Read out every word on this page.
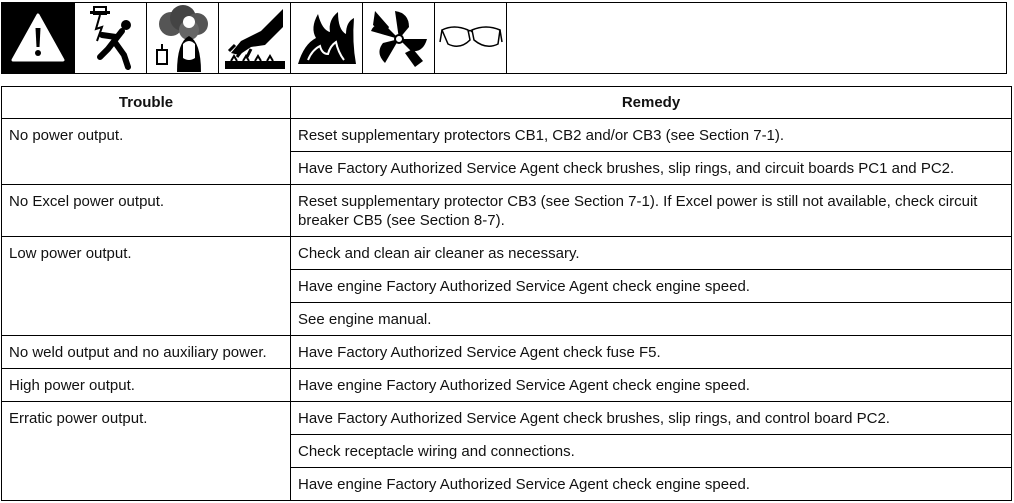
Trouble	Remedy
No power output.	Reset supplementary protectors CB1, CB2 and/or CB3 (see Section 7-1).
	Have Factory Authorized Service Agent check brushes, slip rings, and circuit boards PC1 and PC2.
No Excel power output.	Reset supplementary protector CB3 (see Section 7-1). If Excel power is still not available, check circuit breaker CB5 (see Section 8-7).
Low power output.	Check and clean air cleaner as necessary.
	Have engine Factory Authorized Service Agent check engine speed.
	See engine manual.
No weld output and no auxiliary power.	Have Factory Authorized Service Agent check fuse F5.
High power output.	Have engine Factory Authorized Service Agent check engine speed.
Erratic power output.	Have Factory Authorized Service Agent check brushes, slip rings, and control board PC2.
	Check receptacle wiring and connections.
	Have engine Factory Authorized Service Agent check engine speed.
